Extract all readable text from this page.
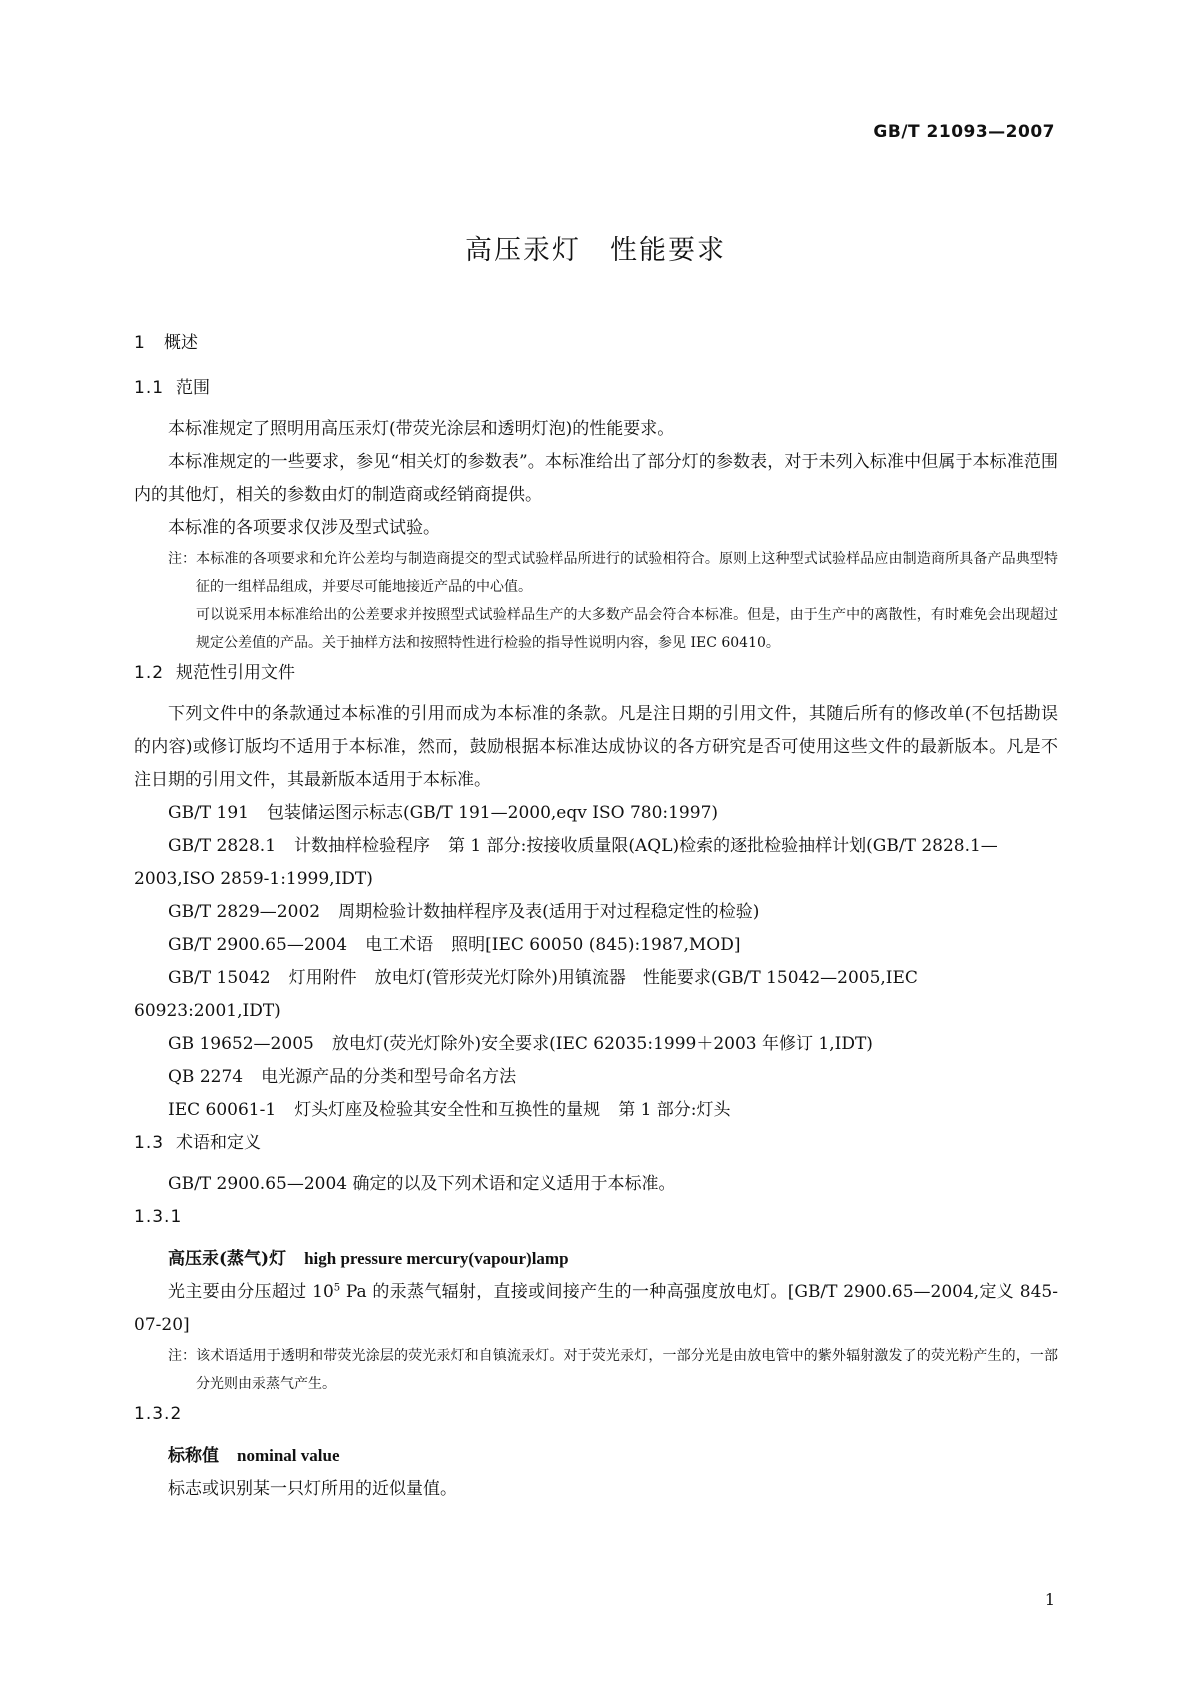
GB/T 21093—2007
高压汞灯　性能要求
1 概述
1.1 范围

本标准规定了照明用高压汞灯(带荧光涂层和透明灯泡)的性能要求。

本标准规定的一些要求，参见“相关灯的参数表”。本标准给出了部分灯的参数表，对于未列入标准中但属于本标准范围内的其他灯，相关的参数由灯的制造商或经销商提供。

本标准的各项要求仅涉及型式试验。

注：本标准的各项要求和允许公差均与制造商提交的型式试验样品所进行的试验相符合。原则上这种型式试验样品应由制造商所具备产品典型特征的一组样品组成，并要尽可能地接近产品的中心值。

可以说采用本标准给出的公差要求并按照型式试验样品生产的大多数产品会符合本标准。但是，由于生产中的离散性，有时难免会出现超过规定公差值的产品。关于抽样方法和按照特性进行检验的指导性说明内容，参见 IEC 60410。

1.2 规范性引用文件

下列文件中的条款通过本标准的引用而成为本标准的条款。凡是注日期的引用文件，其随后所有的修改单(不包括勘误的内容)或修订版均不适用于本标准，然而，鼓励根据本标准达成协议的各方研究是否可使用这些文件的最新版本。凡是不注日期的引用文件，其最新版本适用于本标准。

GB/T 191 包装储运图示标志(GB/T 191—2000,eqv ISO 780:1997)

GB/T 2828.1 计数抽样检验程序 第 1 部分:按接收质量限(AQL)检索的逐批检验抽样计划(GB/T 2828.1—2003,ISO 2859-1:1999,IDT)

GB/T 2829—2002 周期检验计数抽样程序及表(适用于对过程稳定性的检验)

GB/T 2900.65—2004 电工术语 照明[IEC 60050 (845):1987,MOD]

GB/T 15042 灯用附件 放电灯(管形荧光灯除外)用镇流器　性能要求(GB/T 15042—2005,IEC 60923:2001,IDT)

GB 19652—2005 放电灯(荧光灯除外)安全要求(IEC 62035:1999＋2003 年修订 1,IDT)

QB 2274 电光源产品的分类和型号命名方法

IEC 60061-1 灯头灯座及检验其安全性和互换性的量规 第 1 部分:灯头

1.3 术语和定义

GB/T 2900.65—2004 确定的以及下列术语和定义适用于本标准。

1.3.1

高压汞(蒸气)灯 high pressure mercury(vapour)lamp

光主要由分压超过 $10^5$ Pa 的汞蒸气辐射，直接或间接产生的一种高强度放电灯。[GB/T 2900.65—2004,定义 845-07-20]

注：该术语适用于透明和带荧光涂层的荧光汞灯和自镇流汞灯。对于荧光汞灯，一部分光是由放电管中的紫外辐射激发了的荧光粉产生的，一部分光则由汞蒸气产生。

1.3.2

标称值 nominal value

标志或识别某一只灯所用的近似量值。

1
